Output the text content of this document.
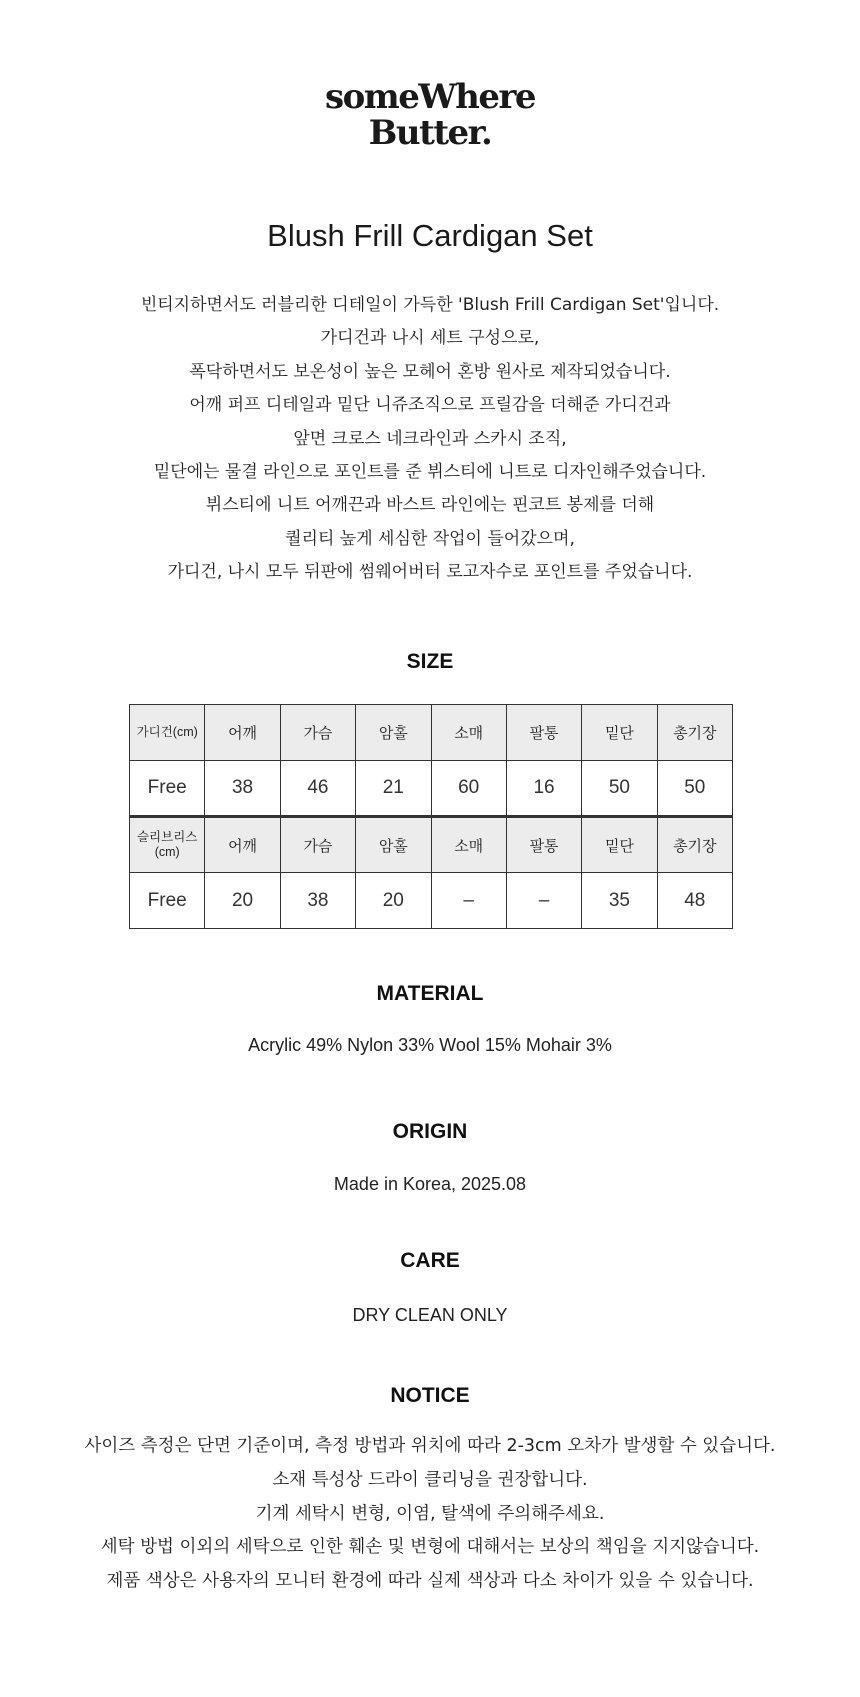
someWhere
Butter.
Blush Frill Cardigan Set

빈티지하면서도 러블리한 디테일이 가득한 'Blush Frill Cardigan Set'입니다.

가디건과 나시 세트 구성으로,

폭닥하면서도 보온성이 높은 모헤어 혼방 원사로 제작되었습니다.

어깨 퍼프 디테일과 밑단 니쥬조직으로 프릴감을 더해준 가디건과

앞면 크로스 네크라인과 스카시 조직,

밑단에는 물결 라인으로 포인트를 준 뷔스티에 니트로 디자인해주었습니다.

뷔스티에 니트 어깨끈과 바스트 라인에는 핀코트 봉제를 더해

퀄리티 높게 세심한 작업이 들어갔으며,

가디건, 나시 모두 뒤판에 썸웨어버터 로고자수로 포인트를 주었습니다.

SIZE
가디건(cm)	어깨	가슴	암홀	소매	팔통	밑단	총기장
Free	38	46	21	60	16	50	50
슬리브리스
(cm)	어깨	가슴	암홀	소매	팔통	밑단	총기장
Free	20	38	20	–	–	35	48
MATERIAL

Acrylic 49% Nylon 33% Wool 15% Mohair 3%

ORIGIN

Made in Korea, 2025.08

CARE

DRY CLEAN ONLY

NOTICE

사이즈 측정은 단면 기준이며, 측정 방법과 위치에 따라 2-3cm 오차가 발생할 수 있습니다.

소재 특성상 드라이 클리닝을 권장합니다.

기계 세탁시 변형, 이염, 탈색에 주의해주세요.

세탁 방법 이외의 세탁으로 인한 훼손 및 변형에 대해서는 보상의 책임을 지지않습니다.

제품 색상은 사용자의 모니터 환경에 따라 실제 색상과 다소 차이가 있을 수 있습니다.
